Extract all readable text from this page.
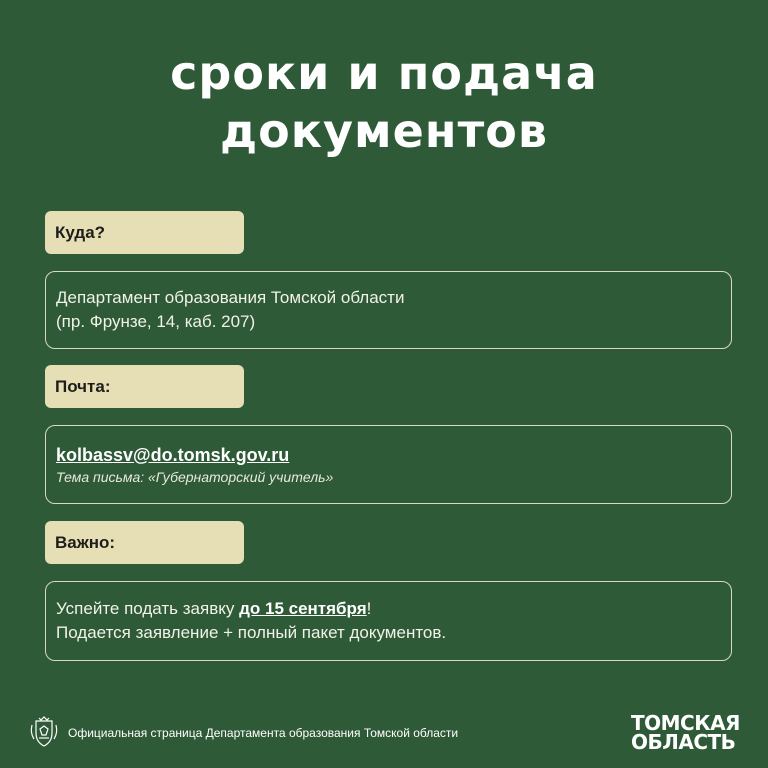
сроки и подача
документов
Куда?
Департамент образования Томской области
(пр. Фрунзе, 14, каб. 207)
Почта:
kolbassv@do.tomsk.gov.ru
Тема письма: «Губернаторский учитель»
Важно:
Успейте подать заявку до 15 сентября!
Подается заявление + полный пакет документов.
Официальная страница Департамента образования Томской области	ТОМСКАЯ
ОБЛАСТЬ
